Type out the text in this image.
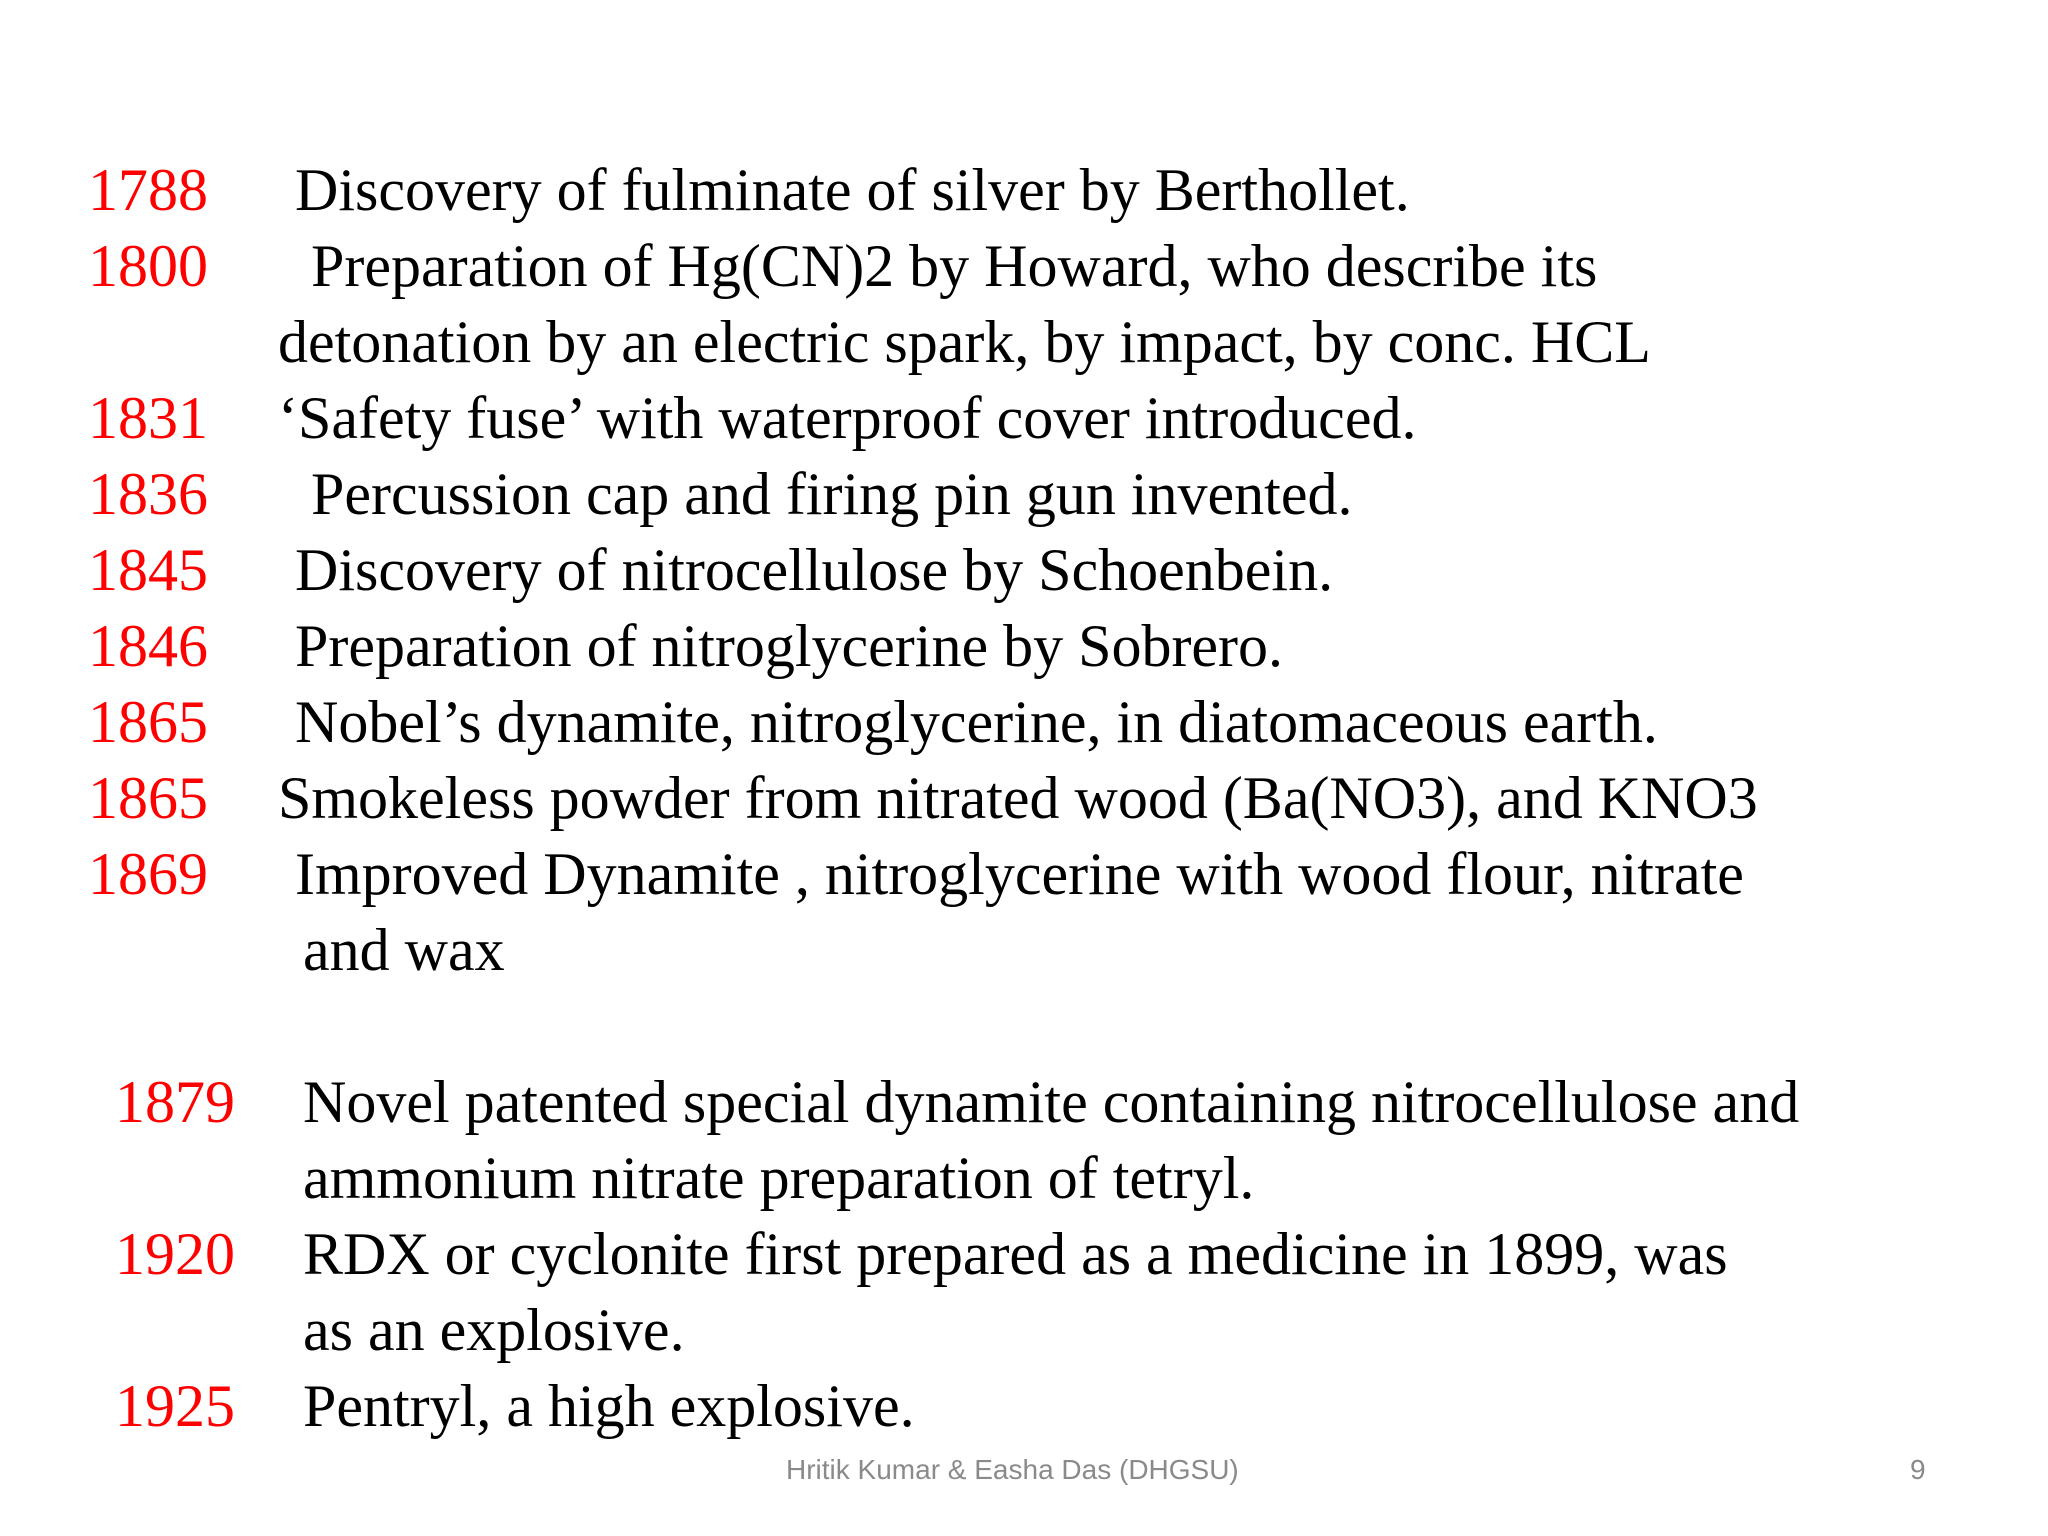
1788 Discovery of fulminate of silver by Berthollet.
1800 Preparation of Hg(CN)2 by Howard, who describe its
detonation by an electric spark, by impact, by conc. HCL
1831 ‘Safety fuse’ with waterproof cover introduced.
1836 Percussion cap and firing pin gun invented.
1845 Discovery of nitrocellulose by Schoenbein.
1846 Preparation of nitroglycerine by Sobrero.
1865 Nobel’s dynamite, nitroglycerine, in diatomaceous earth.
1865 Smokeless powder from nitrated wood (Ba(NO3), and KNO3
1869 Improved Dynamite , nitroglycerine with wood flour, nitrate
and wax
1879 Novel patented special dynamite containing nitrocellulose and
ammonium nitrate preparation of tetryl.
1920 RDX or cyclonite first prepared as a medicine in 1899, was
as an explosive.
1925 Pentryl, a high explosive.
Hritik Kumar & Easha Das (DHGSU)	9
